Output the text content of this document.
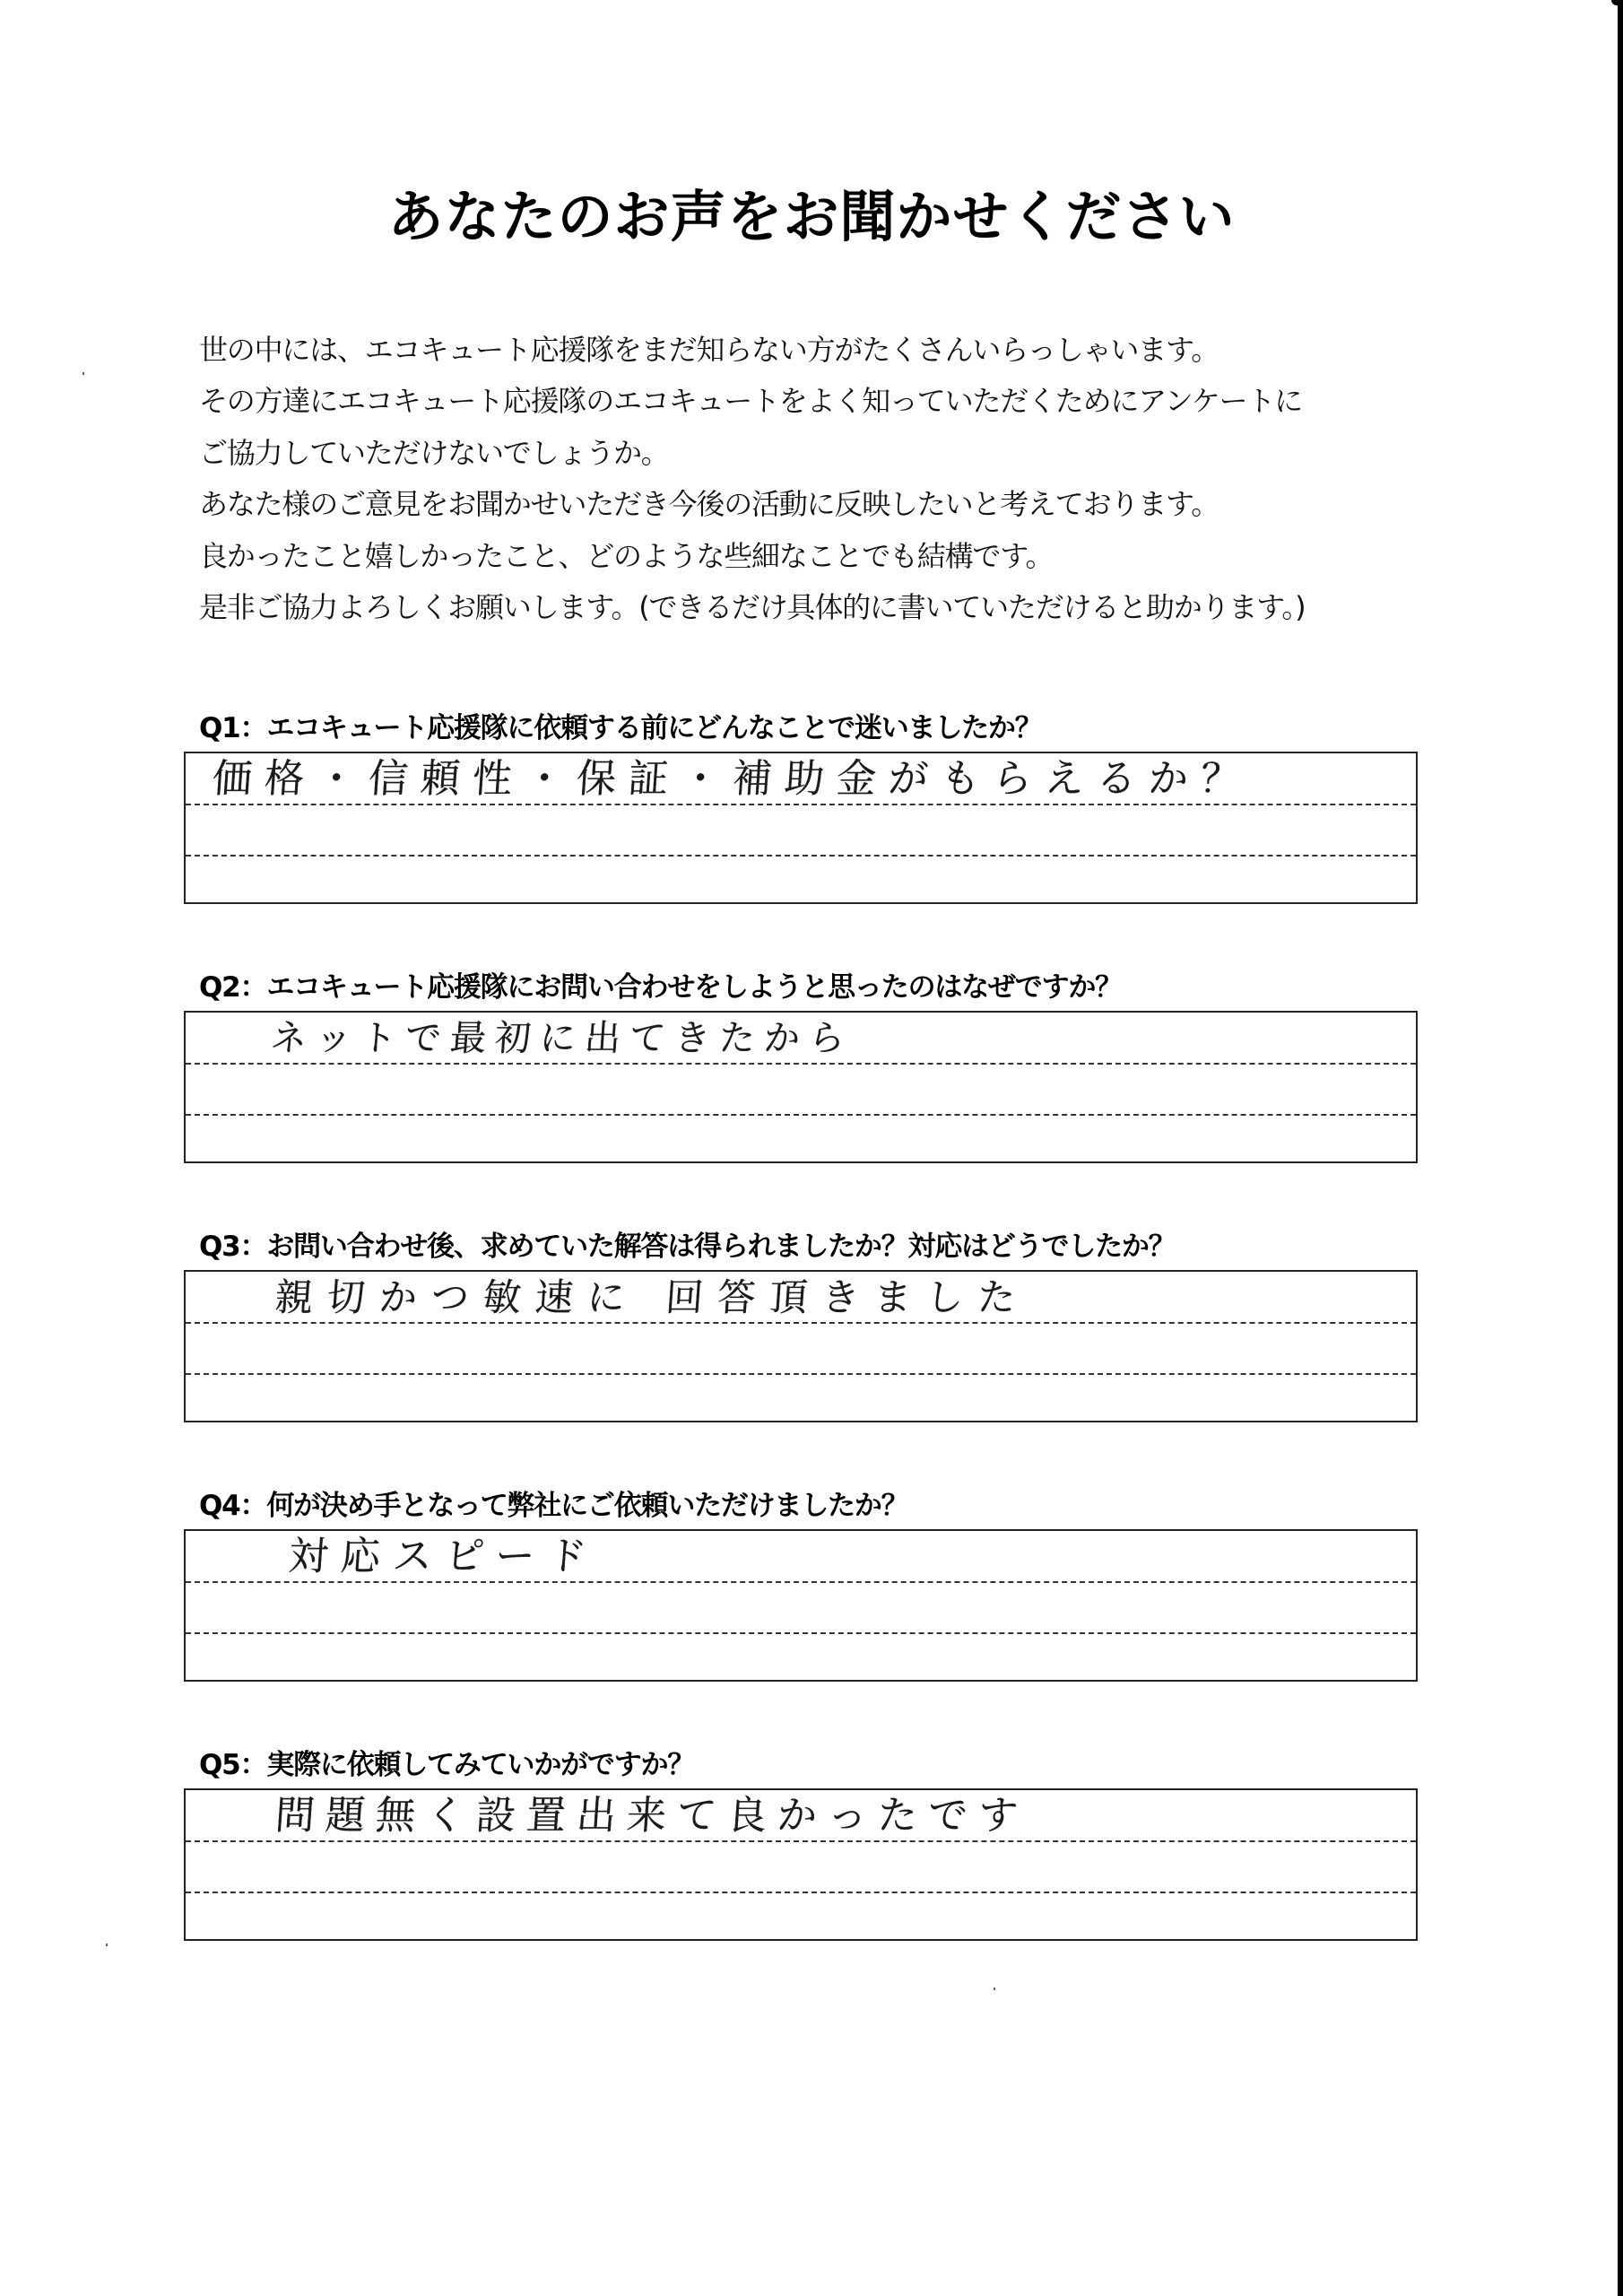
あなたのお声をお聞かせください
世の中には、エコキュート応援隊をまだ知らない方がたくさんいらっしゃいます。
その方達にエコキュート応援隊のエコキュートをよく知っていただくためにアンケートに
ご協力していただけないでしょうか。
あなた様のご意見をお聞かせいただき今後の活動に反映したいと考えております。
良かったこと嬉しかったこと、どのような些細なことでも結構です。
是非ご協力よろしくお願いします。(できるだけ具体的に書いていただけると助かります。)
Q1：エコキュート応援隊に依頼する前にどんなことで迷いましたか？
価格・信頼性・保証・補助金がもらえるか？
Q2：エコキュート応援隊にお問い合わせをしようと思ったのはなぜですか？
ネットで最初に出てきたから
Q3：お問い合わせ後、求めていた解答は得られましたか？対応はどうでしたか？
親切かつ敏速に 回答頂きました
Q4：何が決め手となって弊社にご依頼いただけましたか？
対応スピード
Q5：実際に依頼してみていかがですか？
問題無く設置出来て良かったです
